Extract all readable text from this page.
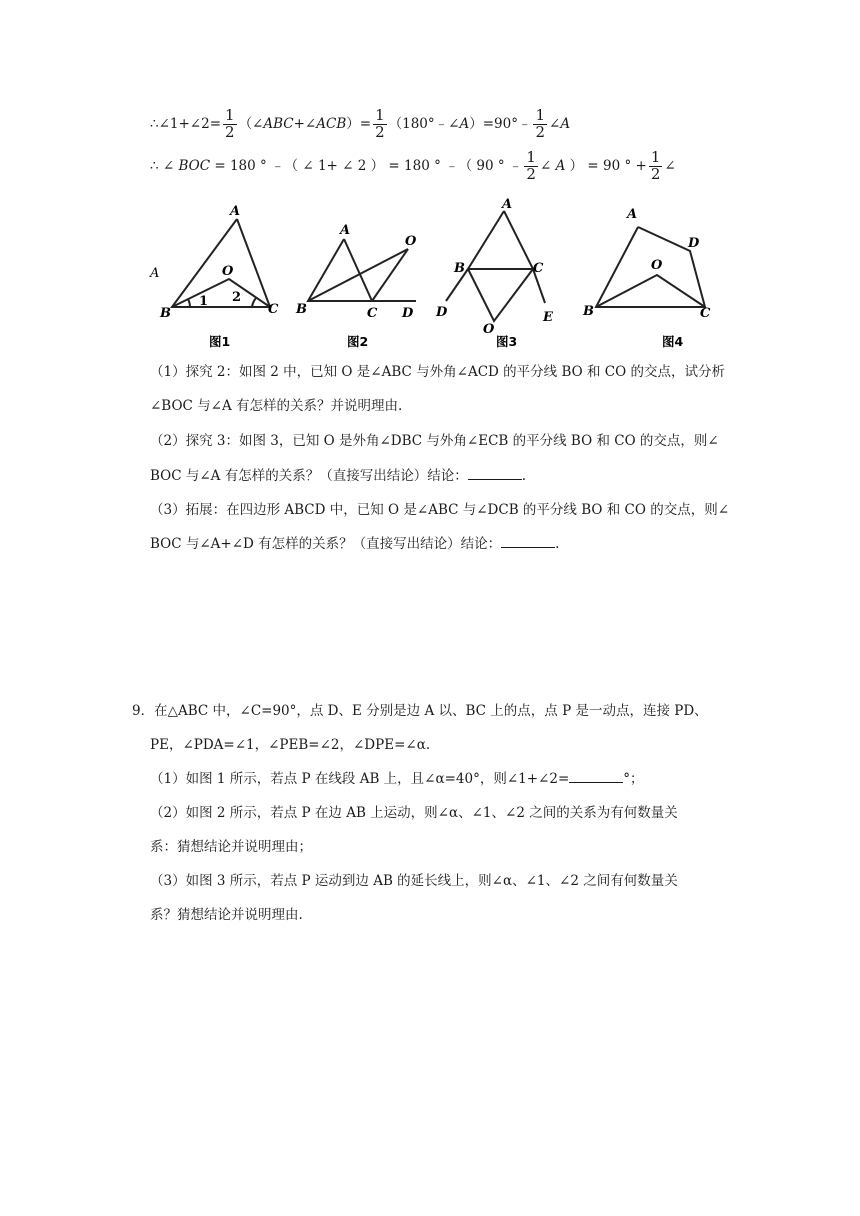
∴∠1+∠2= $\frac{1}{2}$ （∠ABC+∠ACB）= $\frac{1}{2}$ （180°﹣∠A）=90°﹣ $\frac{1}{2}$ ∠A
∴ ∠ BOC = 180 ° ﹣（ ∠ 1+ ∠ 2 ） = 180 ° ﹣（ 90 ° ﹣ $\frac{1}{2}$ ∠ A ） = 90 ° + $\frac{1}{2}$ ∠
A
A
O
B	C
1 2
图1
A
O
B	C D
图2
A
B	C
D	E
O
图3
A
D
O
B	C
图4
（1）探究 2：如图 2 中，已知 O 是∠ABC 与外角∠ACD 的平分线 BO 和 CO 的交点，试分析
∠BOC 与∠A 有怎样的关系？并说明理由.
（2）探究 3：如图 3，已知 O 是外角∠DBC 与外角∠ECB 的平分线 BO 和 CO 的交点，则∠
BOC 与∠A 有怎样的关系？（直接写出结论）结论：	.
（3）拓展：在四边形 ABCD 中，已知 O 是∠ABC 与∠DCB 的平分线 BO 和 CO 的交点，则∠
BOC 与∠A+∠D 有怎样的关系？（直接写出结论）结论：	.
9．在△ABC 中，∠C=90°，点 D、E 分别是边 A 以、BC 上的点，点 P 是一动点，连接 PD、
PE，∠PDA=∠1，∠PEB=∠2，∠DPE=∠α.
（1）如图 1 所示，若点 P 在线段 AB 上，且∠α=40°，则∠1+∠2=	°；
（2）如图 2 所示，若点 P 在边 AB 上运动，则∠α、∠1、∠2 之间的关系为有何数量关
系：猜想结论并说明理由；
（3）如图 3 所示，若点 P 运动到边 AB 的延长线上，则∠α、∠1、∠2 之间有何数量关
系？猜想结论并说明理由.
